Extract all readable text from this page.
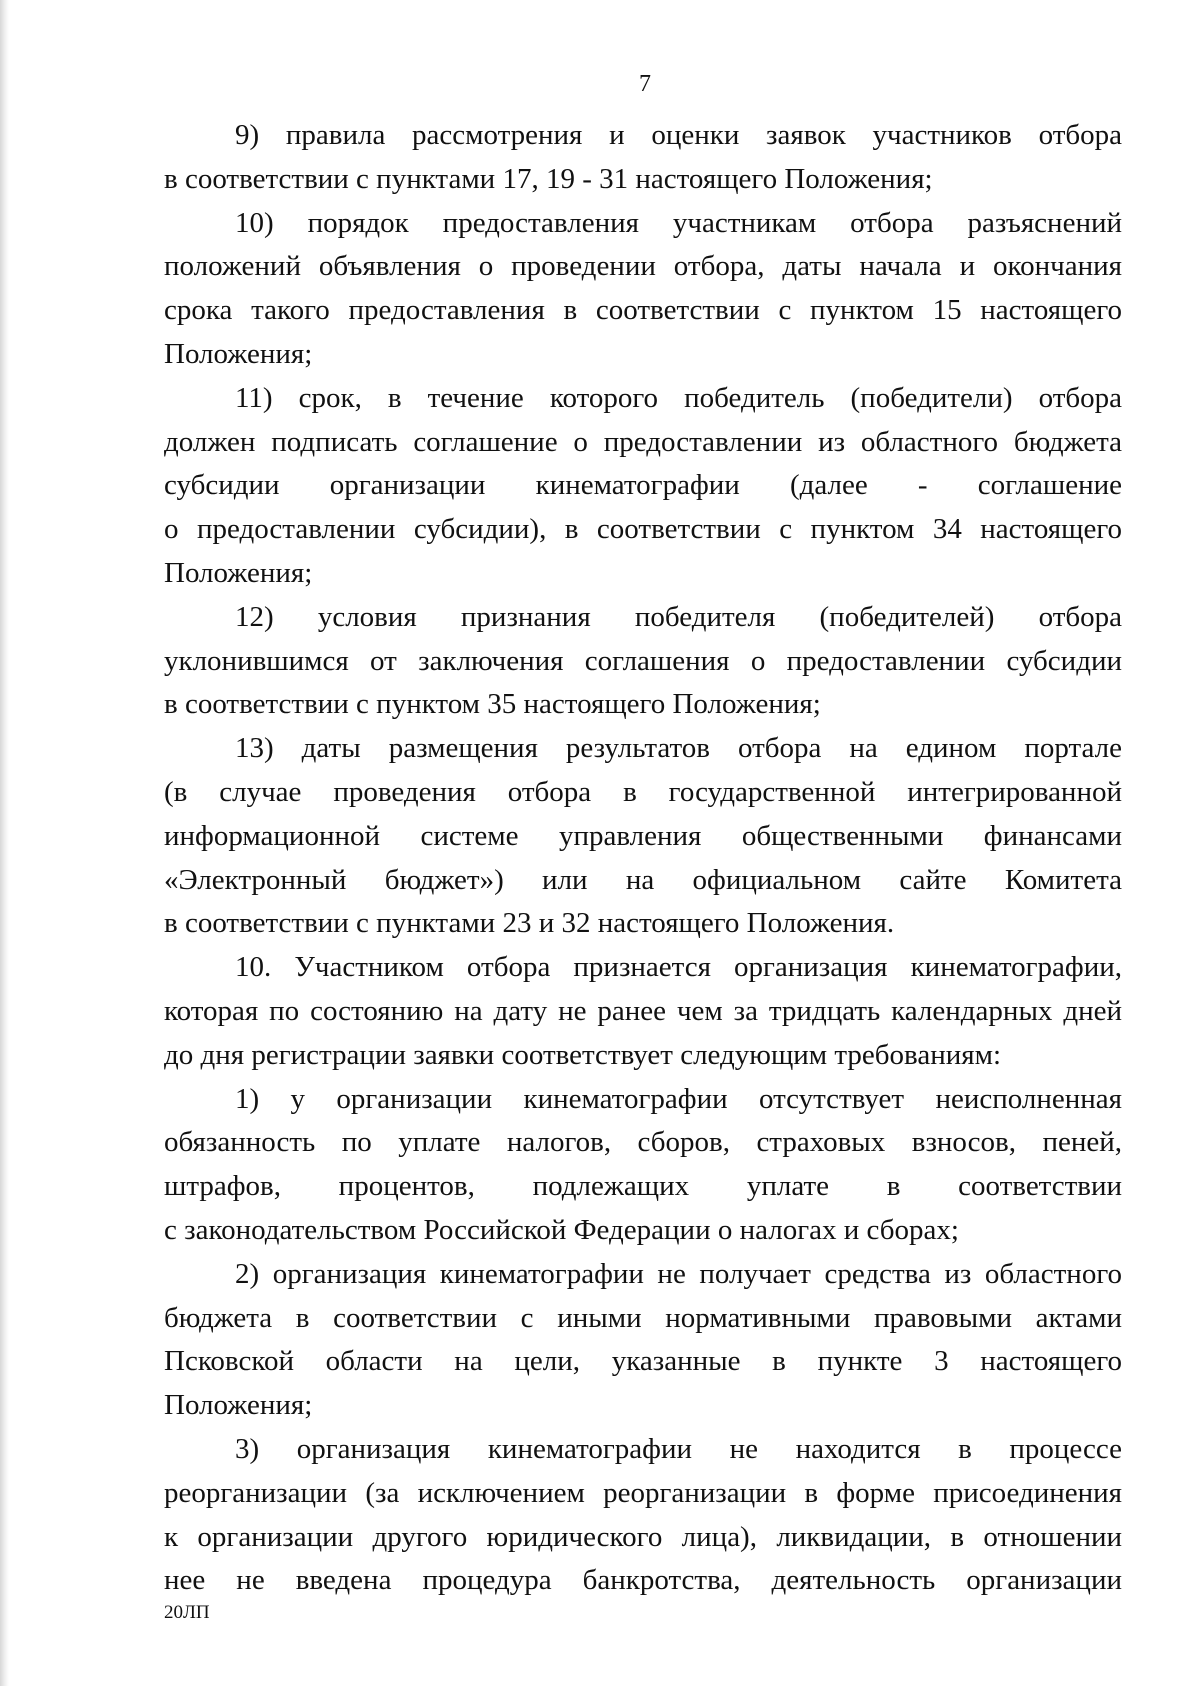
7

9) правила рассмотрения и оценки заявок участников отбора

в соответствии с пунктами 17, 19 - 31 настоящего Положения;

10) порядок предоставления участникам отбора разъяснений

положений объявления о проведении отбора, даты начала и окончания

срока такого предоставления в соответствии с пунктом 15 настоящего

Положения;

11) срок, в течение которого победитель (победители) отбора

должен подписать соглашение о предоставлении из областного бюджета

субсидии организации кинематографии (далее - соглашение

о предоставлении субсидии), в соответствии с пунктом 34 настоящего

Положения;

12) условия признания победителя (победителей) отбора

уклонившимся от заключения соглашения о предоставлении субсидии

в соответствии с пунктом 35 настоящего Положения;

13) даты размещения результатов отбора на едином портале

(в случае проведения отбора в государственной интегрированной

информационной системе управления общественными финансами

«Электронный бюджет») или на официальном сайте Комитета

в соответствии с пунктами 23 и 32 настоящего Положения.

10. Участником отбора признается организация кинематографии,

которая по состоянию на дату не ранее чем за тридцать календарных дней

до дня регистрации заявки соответствует следующим требованиям:

1) у организации кинематографии отсутствует неисполненная

обязанность по уплате налогов, сборов, страховых взносов, пеней,

штрафов, процентов, подлежащих уплате в соответствии

с законодательством Российской Федерации о налогах и сборах;

2) организация кинематографии не получает средства из областного

бюджета в соответствии с иными нормативными правовыми актами

Псковской области на цели, указанные в пункте 3 настоящего

Положения;

3) организация кинематографии не находится в процессе

реорганизации (за исключением реорганизации в форме присоединения

к организации другого юридического лица), ликвидации, в отношении

нее не введена процедура банкротства, деятельность организации

20ЛП
